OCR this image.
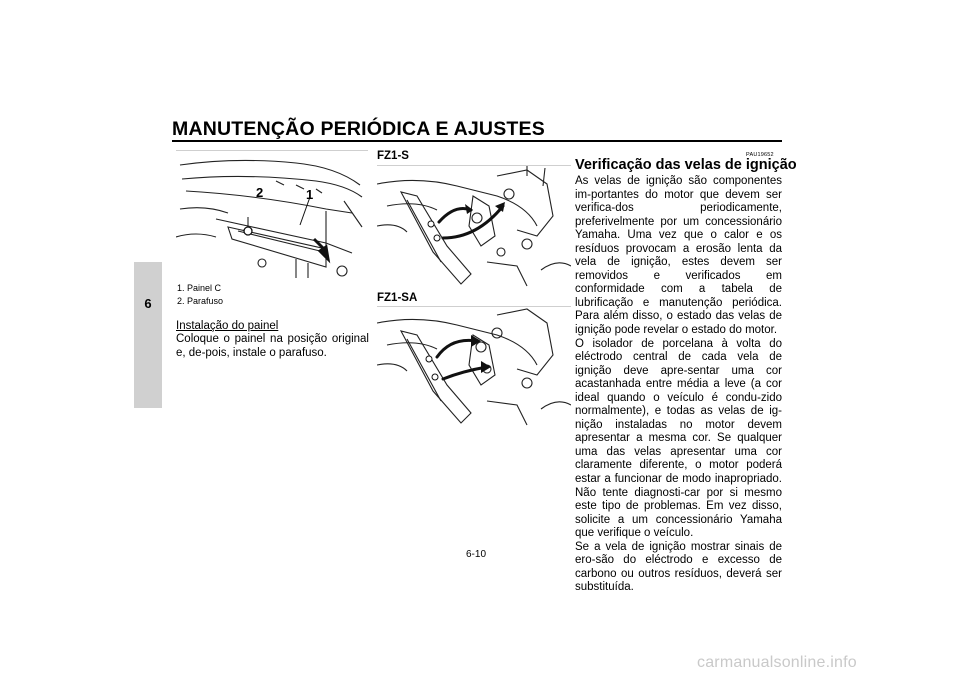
MANUTENÇÃO PERIÓDICA E AJUSTES
6
2	1
1. Painel C
2. Parafuso
Instalação do painel
Coloque o painel na posição original e, de-pois, instale o parafuso.
FZ1-S
FZ1-SA
PAU19652
Verificação das velas de ignição

As velas de ignição são componentes im-portantes do motor que devem ser verifica-dos periodicamente, preferivelmente por um concessionário Yamaha. Uma vez que o calor e os resíduos provocam a erosão lenta da vela de ignição, estes devem ser removidos e verificados em conformidade com a tabela de lubrificação e manutenção periódica. Para além disso, o estado das velas de ignição pode revelar o estado do motor.

O isolador de porcelana à volta do eléctrodo central de cada vela de ignição deve apre-sentar uma cor acastanhada entre média a leve (a cor ideal quando o veículo é condu-zido normalmente), e todas as velas de ig-nição instaladas no motor devem apresentar a mesma cor. Se qualquer uma das velas apresentar uma cor claramente diferente, o motor poderá estar a funcionar de modo inapropriado. Não tente diagnosti-car por si mesmo este tipo de problemas. Em vez disso, solicite a um concessionário Yamaha que verifique o veículo.

Se a vela de ignição mostrar sinais de ero-são do eléctrodo e excesso de carbono ou outros resíduos, deverá ser substituída.

6-10
carmanualsonline.info
